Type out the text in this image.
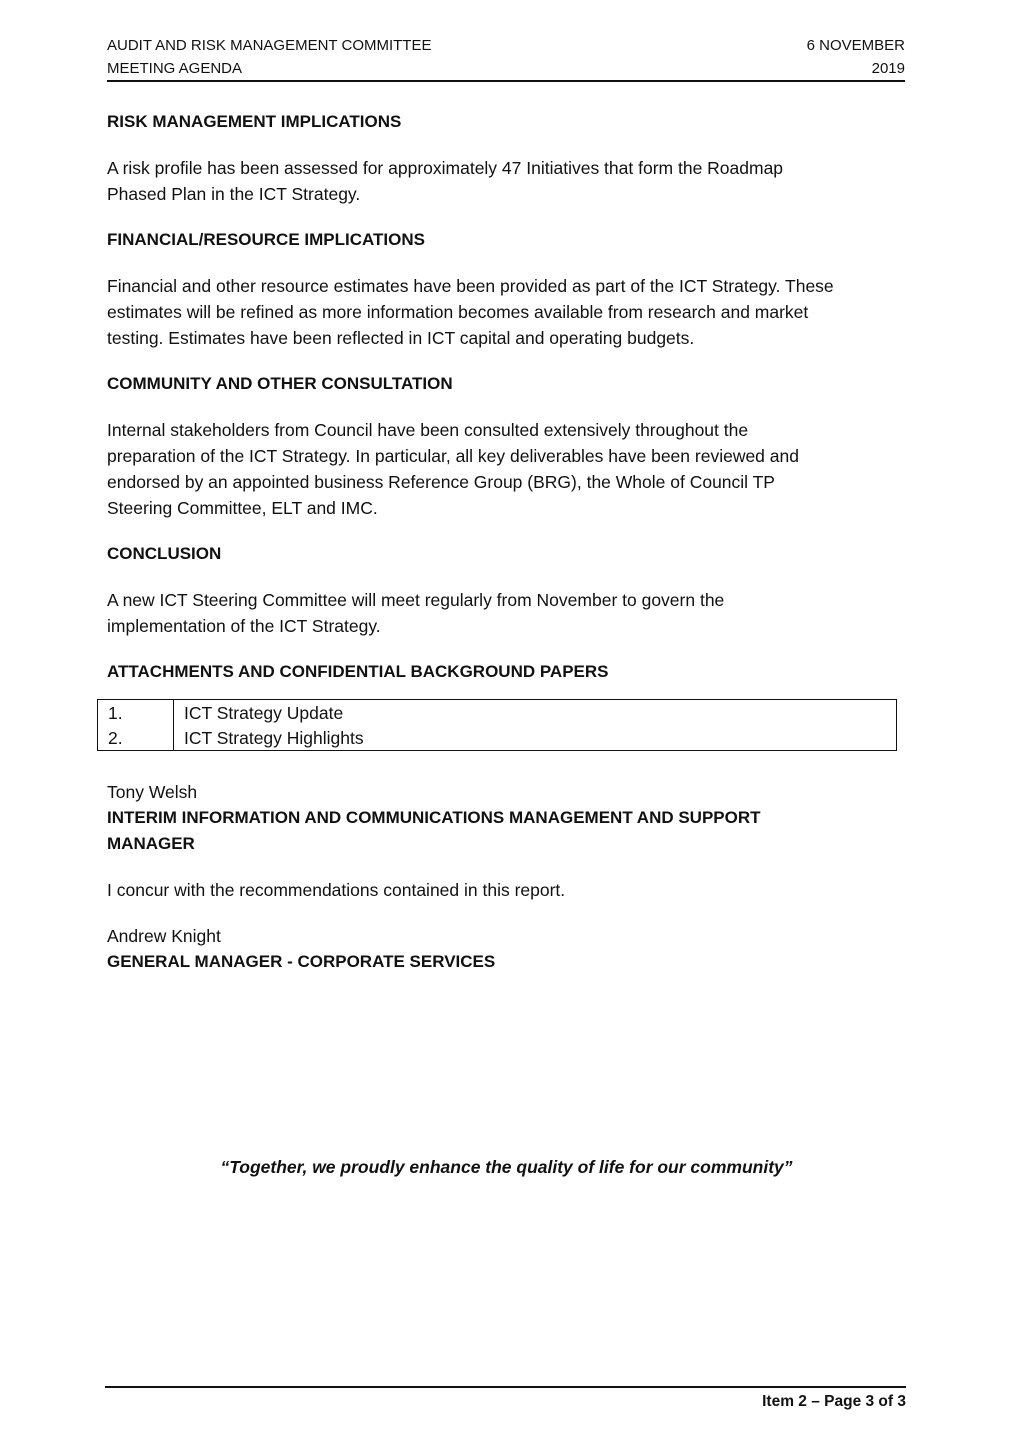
AUDIT AND RISK MANAGEMENT COMMITTEE
MEETING AGENDA
6 NOVEMBER
2019

RISK MANAGEMENT IMPLICATIONS

A risk profile has been assessed for approximately 47 Initiatives that form the Roadmap
Phased Plan in the ICT Strategy.

FINANCIAL/RESOURCE IMPLICATIONS

Financial and other resource estimates have been provided as part of the ICT Strategy. These
estimates will be refined as more information becomes available from research and market
testing. Estimates have been reflected in ICT capital and operating budgets.

COMMUNITY AND OTHER CONSULTATION

Internal stakeholders from Council have been consulted extensively throughout the
preparation of the ICT Strategy. In particular, all key deliverables have been reviewed and
endorsed by an appointed business Reference Group (BRG), the Whole of Council TP
Steering Committee, ELT and IMC.

CONCLUSION

A new ICT Steering Committee will meet regularly from November to govern the
implementation of the ICT Strategy.

ATTACHMENTS AND CONFIDENTIAL BACKGROUND PAPERS

1.	ICT Strategy Update
2.	ICT Strategy Highlights

Tony Welsh

INTERIM INFORMATION AND COMMUNICATIONS MANAGEMENT AND SUPPORT
MANAGER

I concur with the recommendations contained in this report.

Andrew Knight

GENERAL MANAGER - CORPORATE SERVICES

“Together, we proudly enhance the quality of life for our community”
Item 2 – Page 3 of 3
